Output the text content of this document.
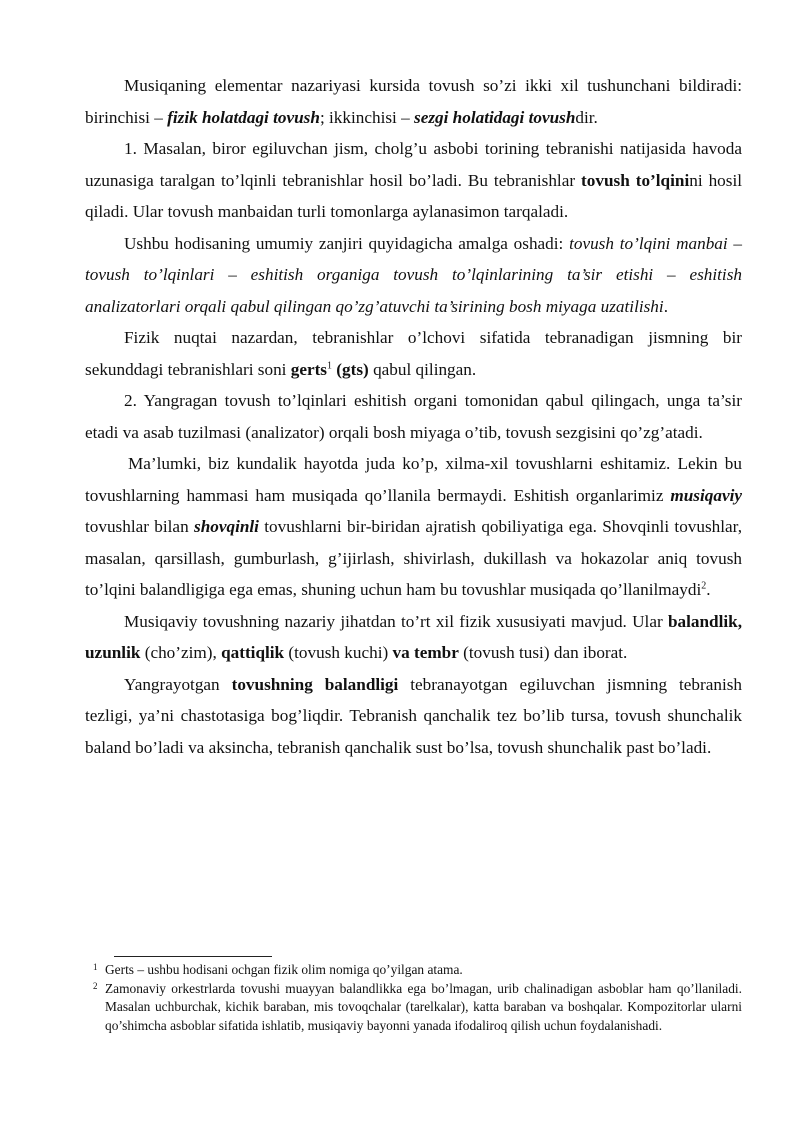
Musiqaning elementar nazariyasi kursida tovush so’zi ikki xil tushunchani bildiradi: birinchisi – fizik holatdagi tovush; ikkinchisi – sezgi holatidagi tovushdir.

1. Masalan, biror egiluvchan jism, cholg’u asbobi torining tebranishi natijasida havoda uzunasiga taralgan to’lqinli tebranishlar hosil bo’ladi. Bu tebranishlar tovush to’lqinini hosil qiladi. Ular tovush manbaidan turli tomonlarga aylanasimon tarqaladi.

Ushbu hodisaning umumiy zanjiri quyidagicha amalga oshadi: tovush to’lqini manbai – tovush to’lqinlari – eshitish organiga tovush to’lqinlarining ta’sir etishi – eshitish analizatorlari orqali qabul qilingan qo’zg’atuvchi ta’sirining bosh miyaga uzatilishi.

Fizik nuqtai nazardan, tebranishlar o’lchovi sifatida tebranadigan jismning bir sekunddagi tebranishlari soni gerts$^1$ (gts) qabul qilingan.

2. Yangragan tovush to’lqinlari eshitish organi tomonidan qabul qilingach, unga ta’sir etadi va asab tuzilmasi (analizator) orqali bosh miyaga o’tib, tovush sezgisini qo’zg’atadi.

Ma’lumki, biz kundalik hayotda juda ko’p, xilma-xil tovushlarni eshitamiz. Lekin bu tovushlarning hammasi ham musiqada qo’llanila bermaydi. Eshitish organlarimiz musiqaviy tovushlar bilan shovqinli tovushlarni bir-biridan ajratish qobiliyatiga ega. Shovqinli tovushlar, masalan, qarsillash, gumburlash, g’ijirlash, shivirlash, dukillash va hokazolar aniq tovush to’lqini balandligiga ega emas, shuning uchun ham bu tovushlar musiqada qo’llanilmaydi$^2$.

Musiqaviy tovushning nazariy jihatdan to’rt xil fizik xususiyati mavjud. Ular balandlik, uzunlik (cho’zim), qattiqlik (tovush kuchi) va tembr (tovush tusi) dan iborat.

Yangrayotgan tovushning balandligi tebranayotgan egiluvchan jismning tebranish tezligi, ya’ni chastotasiga bog’liqdir. Tebranish qanchalik tez bo’lib tursa, tovush shunchalik baland bo’ladi va aksincha, tebranish qanchalik sust bo’lsa, tovush shunchalik past bo’ladi.

1 Gerts – ushbu hodisani ochgan fizik olim nomiga qo’yilgan atama.
2 Zamonaviy orkestrlarda tovushi muayyan balandlikka ega bo’lmagan, urib chalinadigan asboblar ham qo’llaniladi. Masalan uchburchak, kichik baraban, mis tovoqchalar (tarelkalar), katta baraban va boshqalar. Kompozitorlar ularni qo’shimcha asboblar sifatida ishlatib, musiqaviy bayonni yanada ifodaliroq qilish uchun foydalanishadi.
